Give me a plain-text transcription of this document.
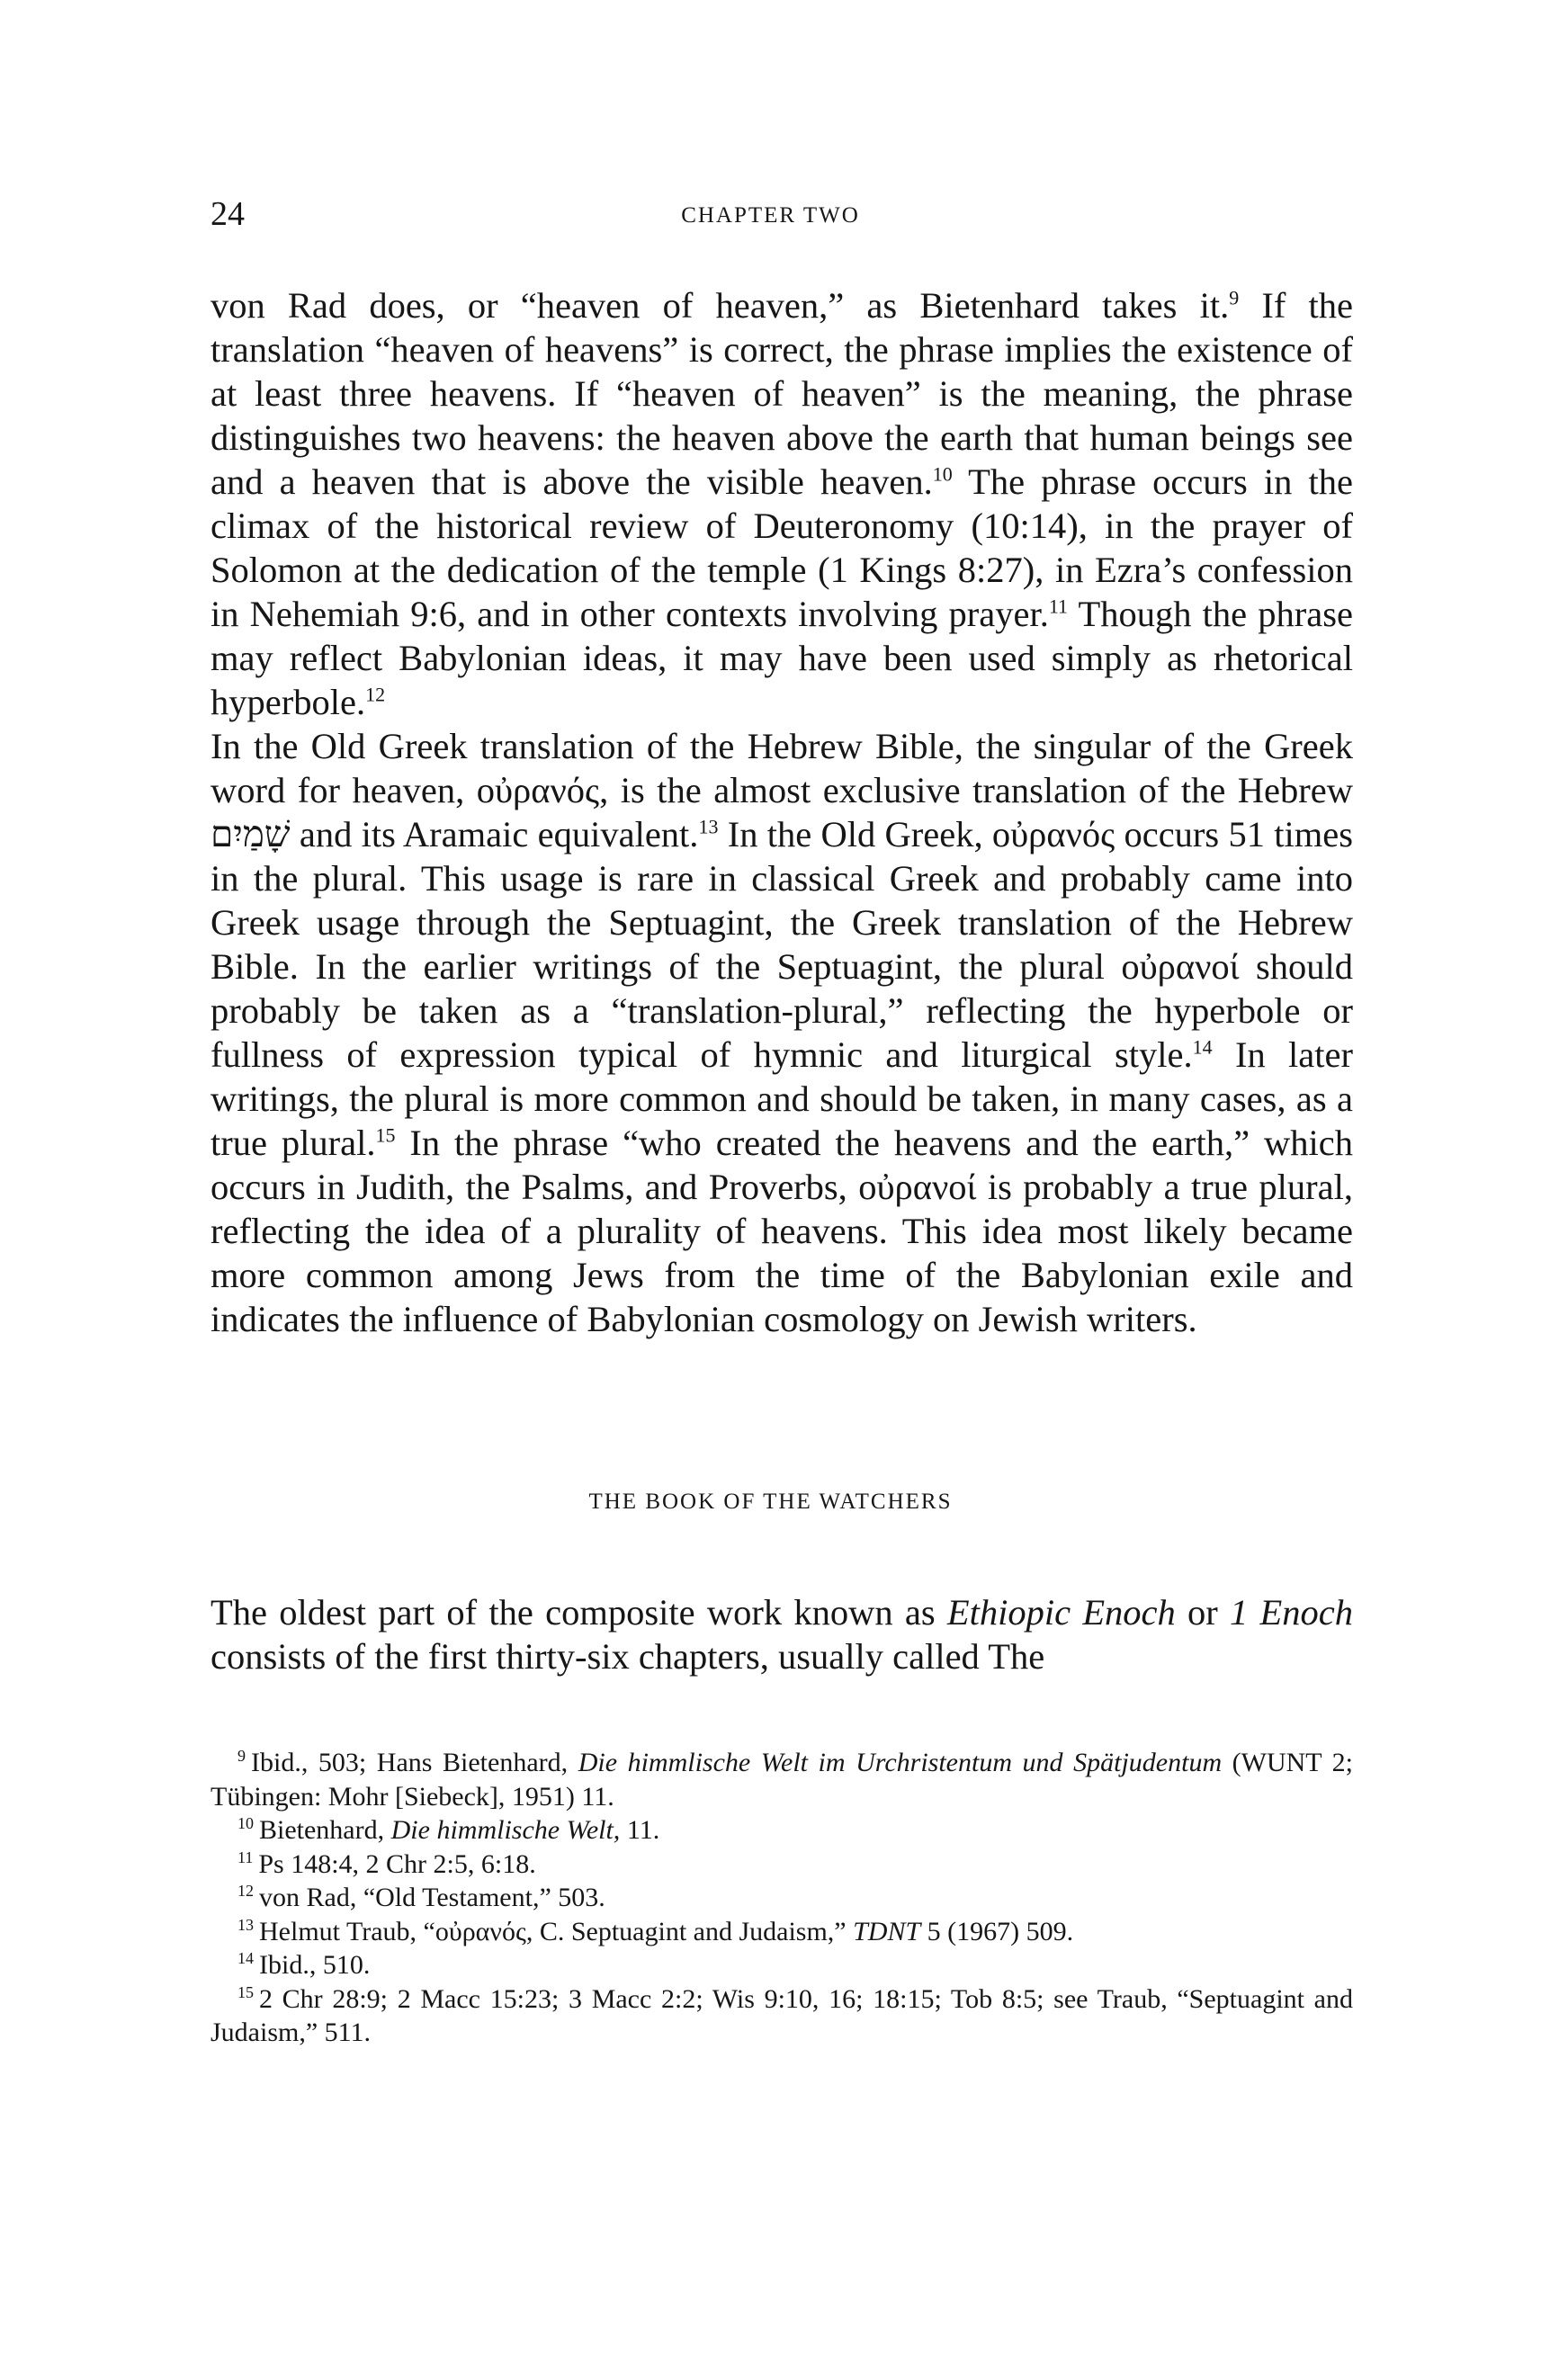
24	CHAPTER TWO

von Rad does, or “heaven of heaven,” as Bietenhard takes it.$^9$ If the translation “heaven of heavens” is correct, the phrase implies the existence of at least three heavens. If “heaven of heaven” is the meaning, the phrase distinguishes two heavens: the heaven above the earth that human beings see and a heaven that is above the visible heaven.$^{10}$ The phrase occurs in the climax of the historical review of Deuteronomy (10:14), in the prayer of Solomon at the dedication of the temple (1 Kings 8:27), in Ezra’s confession in Nehemiah 9:6, and in other contexts involving prayer.$^{11}$ Though the phrase may reflect Babylonian ideas, it may have been used simply as rhetorical hyperbole.$^{12}$

In the Old Greek translation of the Hebrew Bible, the singular of the Greek word for heaven, οὐρανός, is the almost exclusive translation of the Hebrew שָׁמַיִם and its Aramaic equivalent.$^{13}$ In the Old Greek, οὐρανός occurs 51 times in the plural. This usage is rare in classical Greek and probably came into Greek usage through the Septuagint, the Greek translation of the Hebrew Bible. In the earlier writings of the Septuagint, the plural οὐρανοί should probably be taken as a “translation-plural,” reflecting the hyperbole or fullness of expression typical of hymnic and liturgical style.$^{14}$ In later writings, the plural is more common and should be taken, in many cases, as a true plural.$^{15}$ In the phrase “who created the heavens and the earth,” which occurs in Judith, the Psalms, and Proverbs, οὐρανοί is probably a true plural, reflecting the idea of a plurality of heavens. This idea most likely became more common among Jews from the time of the Babylonian exile and indicates the influence of Babylonian cosmology on Jewish writers.

THE BOOK OF THE WATCHERS

The oldest part of the composite work known as Ethiopic Enoch or 1 Enoch consists of the first thirty-six chapters, usually called The

$^9$ Ibid., 503; Hans Bietenhard, Die himmlische Welt im Urchristentum und Spätjudentum (WUNT 2; Tübingen: Mohr [Siebeck], 1951) 11.

$^{10}$ Bietenhard, Die himmlische Welt, 11.

$^{11}$ Ps 148:4, 2 Chr 2:5, 6:18.

$^{12}$ von Rad, “Old Testament,” 503.

$^{13}$ Helmut Traub, “οὐρανός, C. Septuagint and Judaism,” TDNT 5 (1967) 509.

$^{14}$ Ibid., 510.

$^{15}$ 2 Chr 28:9; 2 Macc 15:23; 3 Macc 2:2; Wis 9:10, 16; 18:15; Tob 8:5; see Traub, “Septuagint and Judaism,” 511.
